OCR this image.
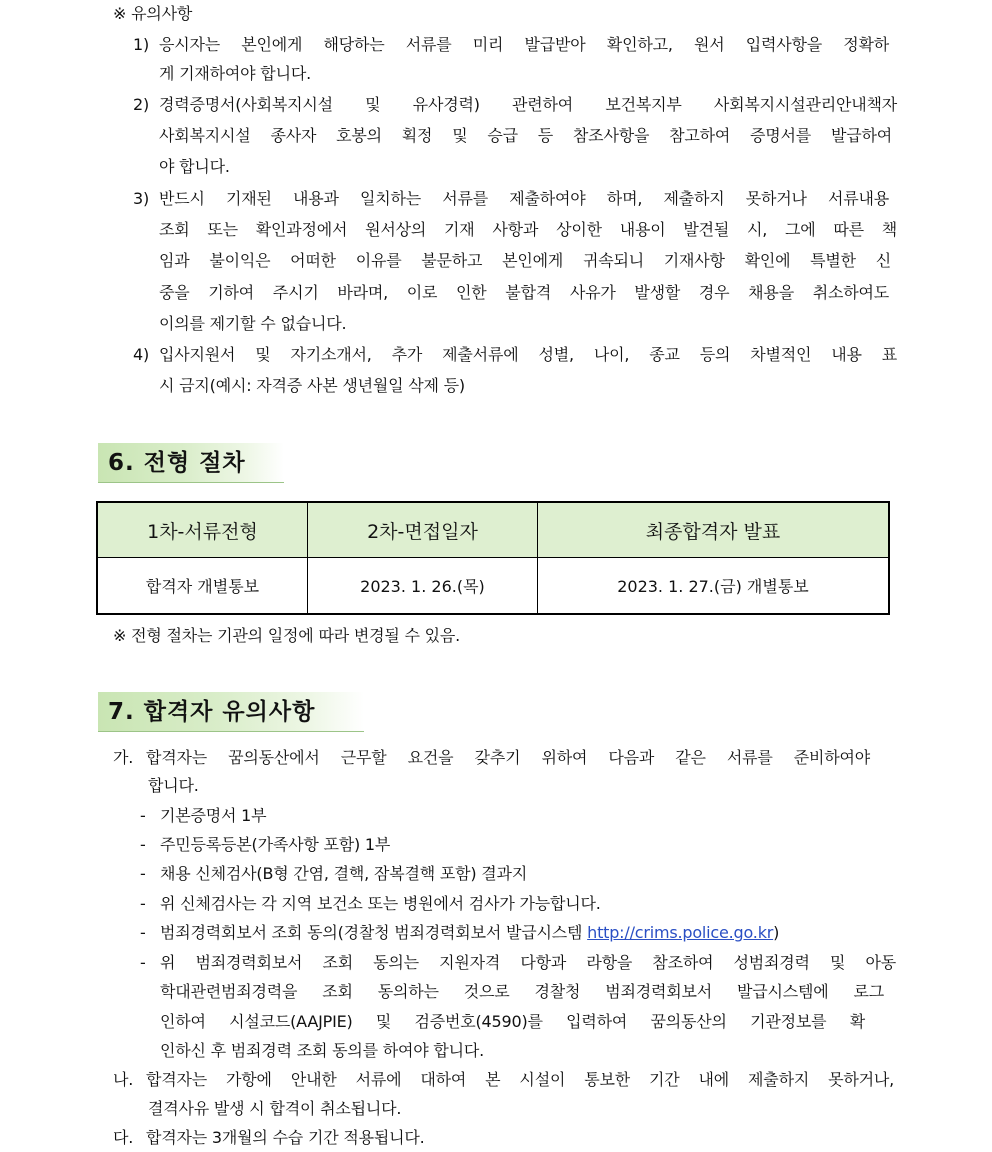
※ 유의사항
1) 응시자는 본인에게 해당하는 서류를 미리 발급받아 확인하고, 원서 입력사항을 정확하
게 기재하여야 합니다.
2) 경력증명서(사회복지시설 및 유사경력) 관련하여 보건복지부 사회복지시설관리안내책자
사회복지시설 종사자 호봉의 획정 및 승급 등 참조사항을 참고하여 증명서를 발급하여
야 합니다.
3) 반드시 기재된 내용과 일치하는 서류를 제출하여야 하며, 제출하지 못하거나 서류내용
조회 또는 확인과정에서 원서상의 기재 사항과 상이한 내용이 발견될 시, 그에 따른 책
임과 불이익은 어떠한 이유를 불문하고 본인에게 귀속되니 기재사항 확인에 특별한 신
중을 기하여 주시기 바라며, 이로 인한 불합격 사유가 발생할 경우 채용을 취소하여도
이의를 제기할 수 없습니다.
4) 입사지원서 및 자기소개서, 추가 제출서류에 성별, 나이, 종교 등의 차별적인 내용 표
시 금지(예시: 자격증 사본 생년월일 삭제 등)
6. 전형 절차
1차-서류전형	2차-면접일자	최종합격자 발표
합격자 개별통보	2023. 1. 26.(목)	2023. 1. 27.(금) 개별통보
※ 전형 절차는 기관의 일정에 따라 변경될 수 있음.
7. 합격자 유의사항
가. 합격자는 꿈의동산에서 근무할 요건을 갖추기 위하여 다음과 같은 서류를 준비하여야
합니다.
- 기본증명서 1부
- 주민등록등본(가족사항 포함) 1부
- 채용 신체검사(B형 간염, 결핵, 잠복결핵 포함) 결과지
- 위 신체검사는 각 지역 보건소 또는 병원에서 검사가 가능합니다.
- 범죄경력회보서 조회 동의(경찰청 범죄경력회보서 발급시스템 http://crims.police.go.kr)
- 위 범죄경력회보서 조회 동의는 지원자격 다항과 라항을 참조하여 성범죄경력 및 아동
학대관련범죄경력을 조회 동의하는 것으로 경찰청 범죄경력회보서 발급시스템에 로그
인하여 시설코드(AAJPIE) 및 검증번호(4590)를 입력하여 꿈의동산의 기관정보를 확
인하신 후 범죄경력 조회 동의를 하여야 합니다.
나. 합격자는 가항에 안내한 서류에 대하여 본 시설이 통보한 기간 내에 제출하지 못하거나,
결격사유 발생 시 합격이 취소됩니다.
다. 합격자는 3개월의 수습 기간 적용됩니다.
